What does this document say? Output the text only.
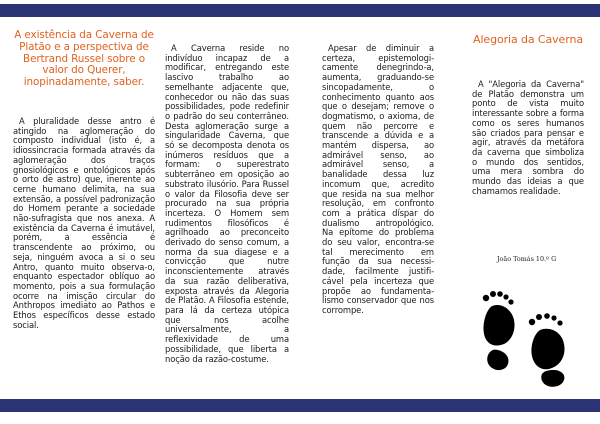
A existência da Caverna de Platão e a perspectiva de Bertrand Russel sobre o valor do Querer, inopinadamente, saber.

A pluralidade desse antro é atingido na aglomeração do composto individual (isto é, a idiossincracia formada através da aglomeração dos traços gnosiológicos e ontológicos após o orto de astro) que, inerente ao cerne humano delimita, na sua extensão, a possível padronização do Homem perante a sociedade não-sufragista que nos anexa. A existência da Caverna é imutável, porém, a essência é transcendente ao próximo, ou seja, ninguém avoca a si o seu Antro, quanto muito observa-o, enquanto espectador oblíquo ao momento, pois a sua formulação ocorre na imisção circular do Anthropos imediato ao Pathos e Ethos específicos desse estado social.

A Caverna reside no indivíduo incapaz de a modificar, entregando este lascivo trabalho ao semelhante adjacente que, conhecedor ou não das suas possibilidades, pode redefinir o padrão do seu conterrâneo. Desta aglomeração surge a singularidade Caverna, que só se decomposta denota os inúmeros resíduos que a formam: o superestrato subterrâneo em oposição ao substrato ilusório. Para Russel o valor da Filosofia deve ser procurado na sua própria incerteza. O Homem sem rudimentos filosóficos é agrilhoado ao preconceito derivado do senso comum, a norma da sua diagese e a convicção que nutre inconscientemente através da sua razão deliberativa, exposta através da Alegoria de Platão. A Filosofia estende, para lá da certeza utópica que nos acolhe universalmente, a reflexividade de uma possibilidade, que liberta a noção da razão-costume.

Apesar de diminuir a certeza, epistemologi-camente denegrindo-a, aumenta, graduando-se sincopadamente, o conhecimento quanto aos que o desejam; remove o dogmatismo, o axioma, de quem não percorre e transcende a dúvida e a mantém dispersa, ao admirável senso, ao admirável senso, a banalidade dessa luz incomum que, acredito que resida na sua melhor resolução, em confronto com a prática díspar do dualismo antropológico. Na epítome do problema do seu valor, encontra-se tal merecimento em função da sua necessi-dade, facilmente justifi-cável pela incerteza que propõe ao fundamenta-lismo conservador que nos corrompe.

Alegoria da Caverna

A "Alegoria da Caverna" de Platão demonstra um ponto de vista muito interessante sobre a forma como os seres humanos são criados para pensar e agir, através da metáfora da caverna que simboliza o mundo dos sentidos, uma mera sombra do mundo das ideias a que chamamos realidade.

João Tomás 10.º G
